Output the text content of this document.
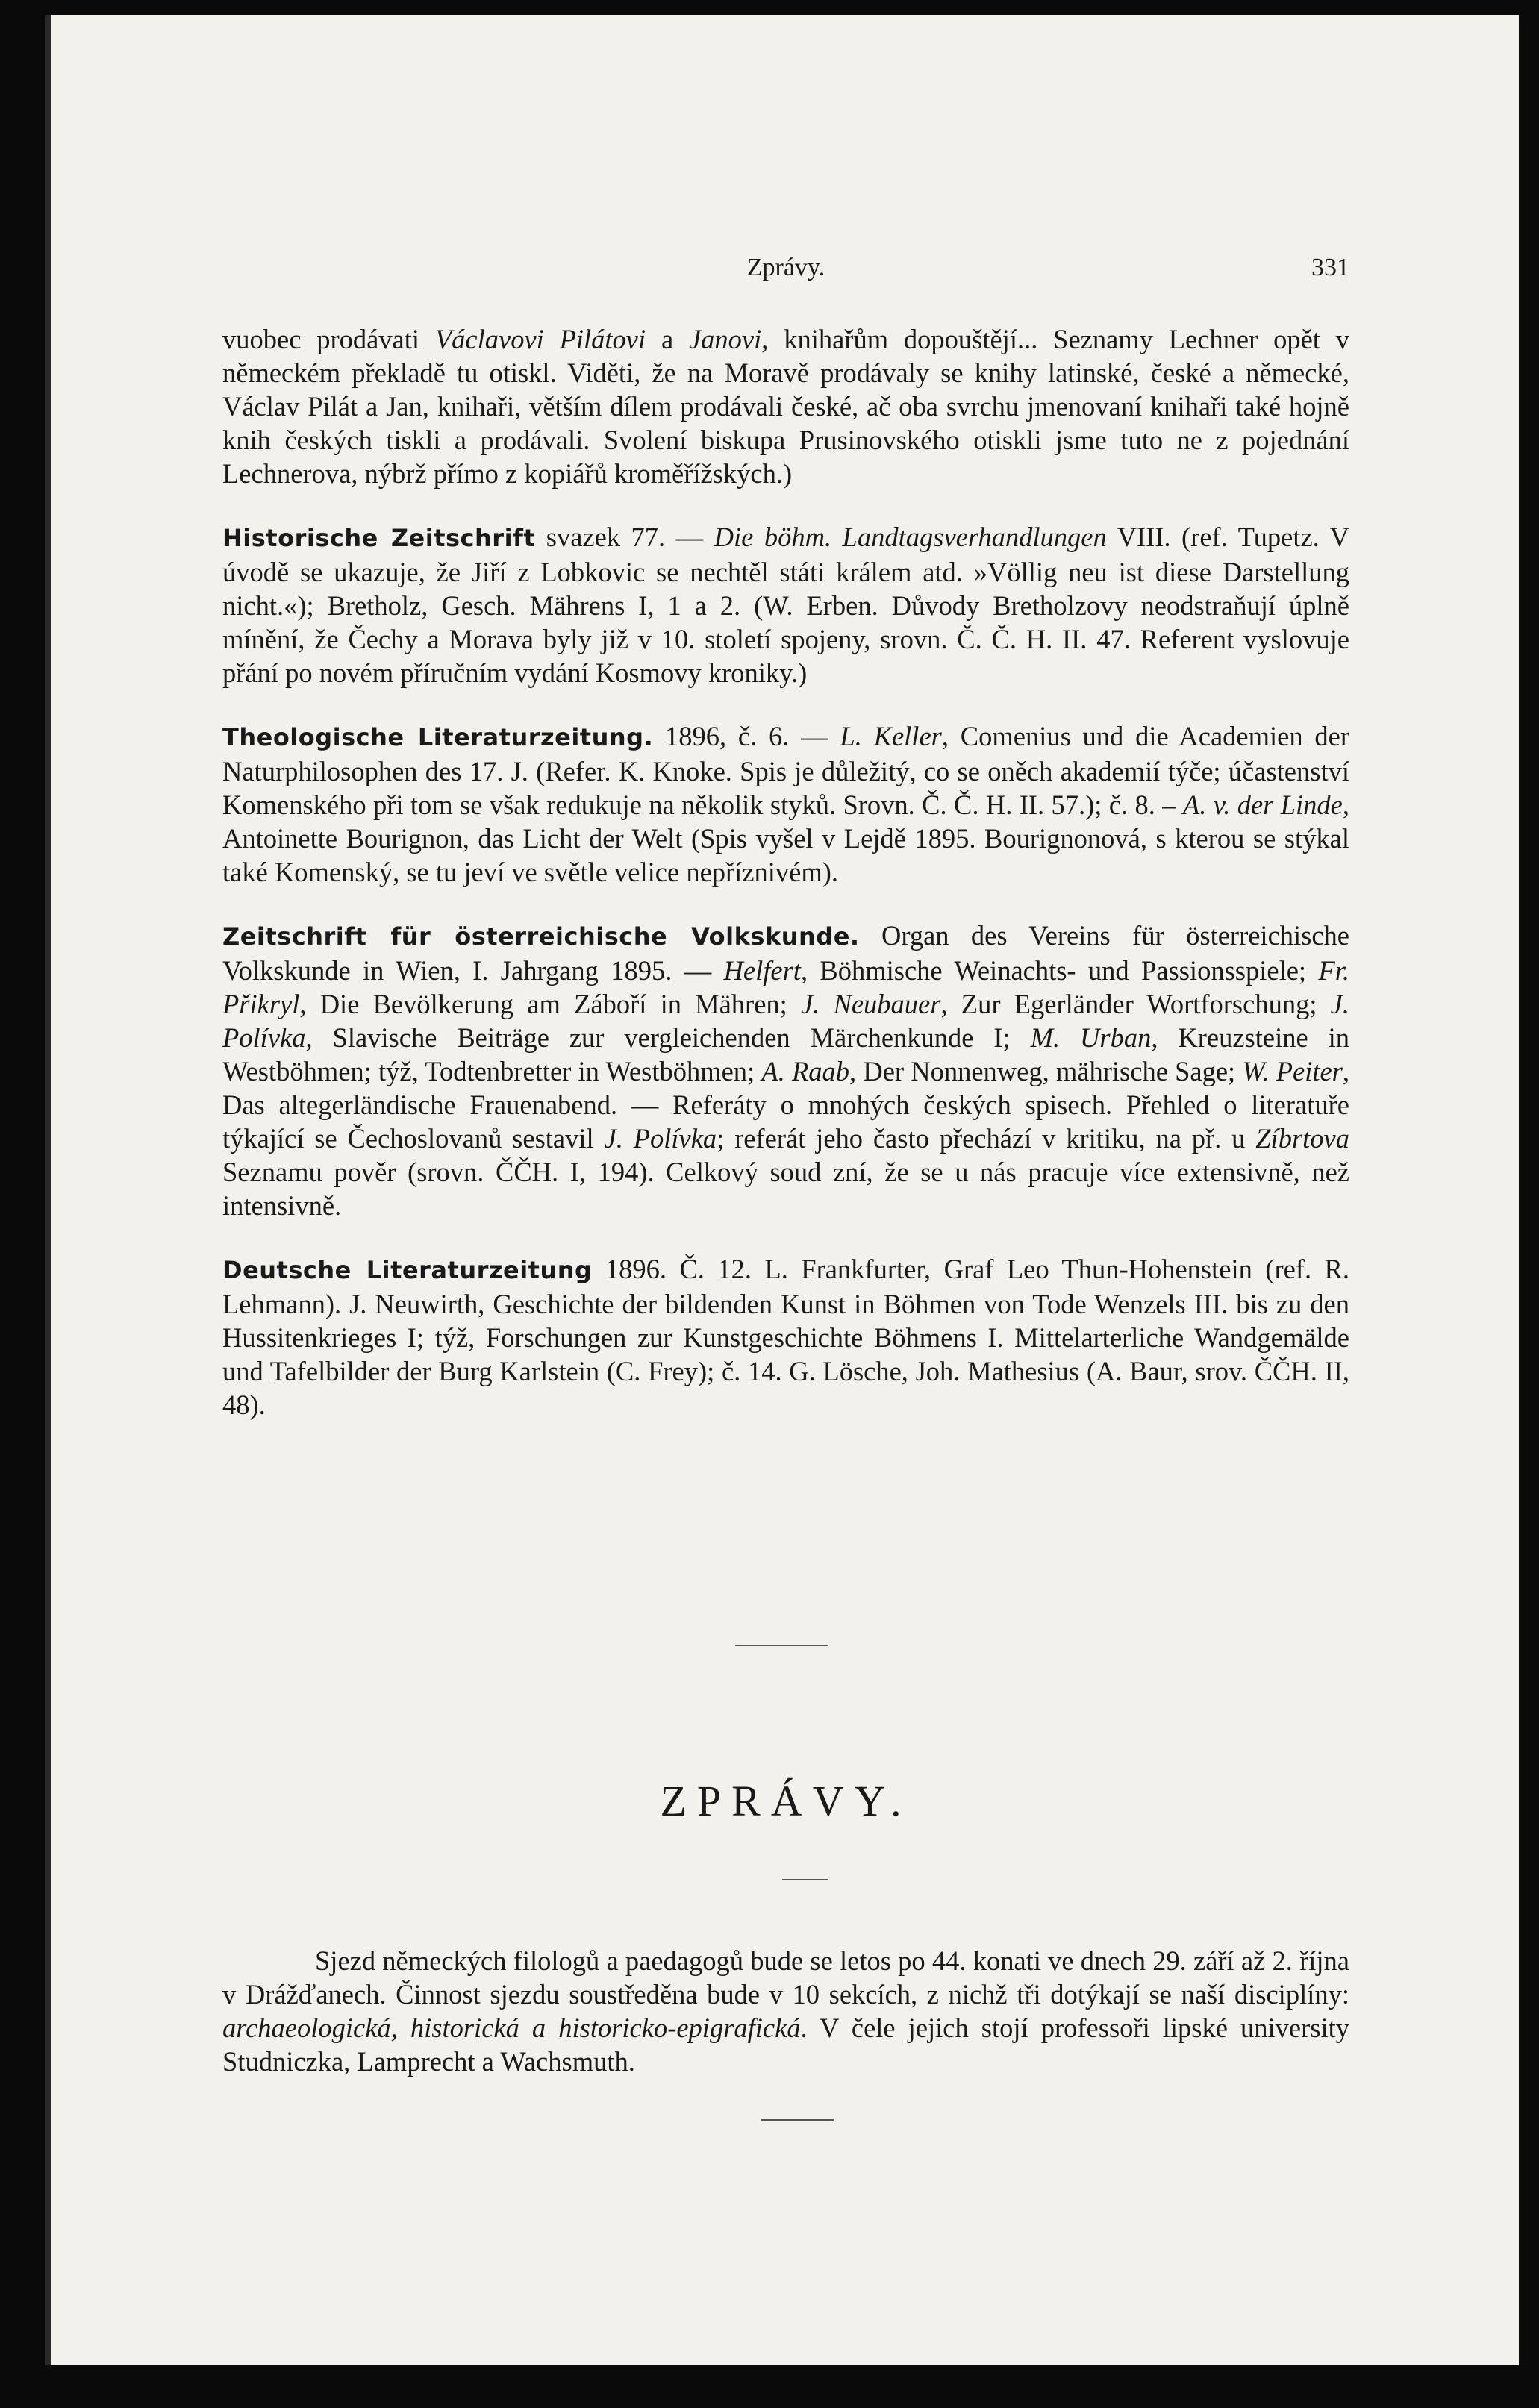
Zprávy.	331

vuobec prodávati Václavovi Pilátovi a Janovi, knihařům dopouštějí... Seznamy Lechner opět v německém překladě tu otiskl. Viděti, že na Moravě prodávaly se knihy latinské, české a německé, Václav Pilát a Jan, knihaři, větším dílem prodávali české, ač oba svrchu jmenovaní knihaři také hojně knih českých tiskli a prodávali. Svolení biskupa Prusinovského otiskli jsme tuto ne z pojednání Lechnerova, nýbrž přímo z kopiářů kroměřížských.)

Historische Zeitschrift svazek 77. — Die böhm. Landtagsverhandlungen VIII. (ref. Tupetz. V úvodě se ukazuje, že Jiří z Lobkovic se nechtěl státi králem atd. »Völlig neu ist diese Darstellung nicht.«); Bretholz, Gesch. Mährens I, 1 a 2. (W. Erben. Důvody Bretholzovy neodstraňují úplně mínění, že Čechy a Morava byly již v 10. století spojeny, srovn. Č. Č. H. II. 47. Referent vyslovuje přání po novém příručním vydání Kosmovy kroniky.)

Theologische Literaturzeitung. 1896, č. 6. — L. Keller, Comenius und die Academien der Naturphilosophen des 17. J. (Refer. K. Knoke. Spis je důležitý, co se oněch akademií týče; účastenství Komenského při tom se však redukuje na několik styků. Srovn. Č. Č. H. II. 57.); č. 8. – A. v. der Linde, Antoinette Bourignon, das Licht der Welt (Spis vyšel v Lejdě 1895. Bourignonová, s kterou se stýkal také Komenský, se tu jeví ve světle velice nepříznivém).

Zeitschrift für österreichische Volkskunde. Organ des Vereins für österreichische Volkskunde in Wien, I. Jahrgang 1895. — Helfert, Böhmische Weinachts- und Passionsspiele; Fr. Přikryl, Die Bevölkerung am Záboří in Mähren; J. Neubauer, Zur Egerländer Wortforschung; J. Polívka, Slavische Beiträge zur vergleichenden Märchenkunde I; M. Urban, Kreuzsteine in Westböhmen; týž, Todtenbretter in Westböhmen; A. Raab, Der Nonnenweg, mährische Sage; W. Peiter, Das altegerländische Frauenabend. — Referáty o mnohých českých spisech. Přehled o literatuře týkající se Čechoslovanů sestavil J. Polívka; referát jeho často přechází v kritiku, na př. u Zíbrtova Seznamu pověr (srovn. ČČH. I, 194). Celkový soud zní, že se u nás pracuje více extensivně, než intensivně.

Deutsche Literaturzeitung 1896. Č. 12. L. Frankfurter, Graf Leo Thun-Hohenstein (ref. R. Lehmann). J. Neuwirth, Geschichte der bildenden Kunst in Böhmen von Tode Wenzels III. bis zu den Hussitenkrieges I; týž, Forschungen zur Kunstgeschichte Böhmens I. Mittelarterliche Wandgemälde und Tafelbilder der Burg Karlstein (C. Frey); č. 14. G. Lösche, Joh. Mathesius (A. Baur, srov. ČČH. II, 48).

ZPRÁVY.

Sjezd německých filologů a paedagogů bude se letos po 44. konati ve dnech 29. září až 2. října v Drážďanech. Činnost sjezdu soustředěna bude v 10 sekcích, z nichž tři dotýkají se naší disciplíny: archaeologická, historická a historicko-epigrafická. V čele jejich stojí professoři lipské university Studniczka, Lamprecht a Wachsmuth.
